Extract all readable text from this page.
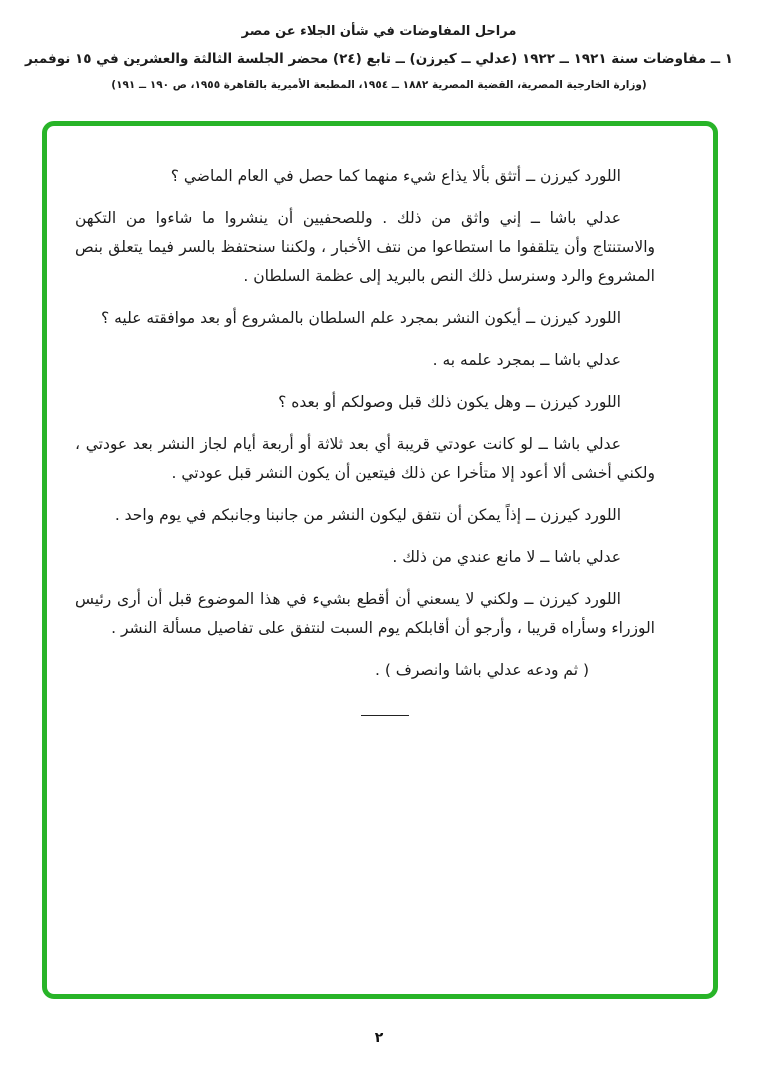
مراحل المفاوضات في شأن الجلاء عن مصر

١ ــ مفاوضات سنة ١٩٢١ ــ ١٩٢٢ (عدلي ــ كيرزن) ــ تابع (٢٤) محضر الجلسة الثالثة والعشرين في ١٥ نوفمبر

(وزارة الخارجية المصرية، القضية المصرية ١٨٨٢ ــ ١٩٥٤، المطبعة الأميرية بالقاهرة ١٩٥٥، ص ١٩٠ ــ ١٩١)

اللورد كيرزن ــ أتثق بألا يذاع شيء منهما كما حصل في العام الماضي ؟

عدلي باشا ــ إني واثق من ذلك . وللصحفيين أن ينشروا ما شاءوا من التكهن والاستنتاج وأن يتلقفوا ما استطاعوا من نتف الأخبار ، ولكننا سنحتفظ بالسر فيما يتعلق بنص المشروع والرد وسنرسل ذلك النص بالبريد إلى عظمة السلطان .

اللورد كيرزن ــ أيكون النشر بمجرد علم السلطان بالمشروع أو بعد موافقته عليه ؟

عدلي باشا ــ بمجرد علمه به .

اللورد كيرزن ــ وهل يكون ذلك قبل وصولكم أو بعده ؟

عدلي باشا ــ لو كانت عودتي قريبة أي بعد ثلاثة أو أربعة أيام لجاز النشر بعد عودتي ، ولكني أخشى ألا أعود إلا متأخرا عن ذلك فيتعين أن يكون النشر قبل عودتي .

اللورد كيرزن ــ إذاً يمكن أن نتفق ليكون النشر من جانبنا وجانبكم في يوم واحد .

عدلي باشا ــ لا مانع عندي من ذلك .

اللورد كيرزن ــ ولكني لا يسعني أن أقطع بشيء في هذا الموضوع قبل أن أرى رئيس الوزراء وسأراه قريبا ، وأرجو أن أقابلكم يوم السبت لنتفق على تفاصيل مسألة النشر .

( ثم ودعه عدلي باشا وانصرف ) .

٢
